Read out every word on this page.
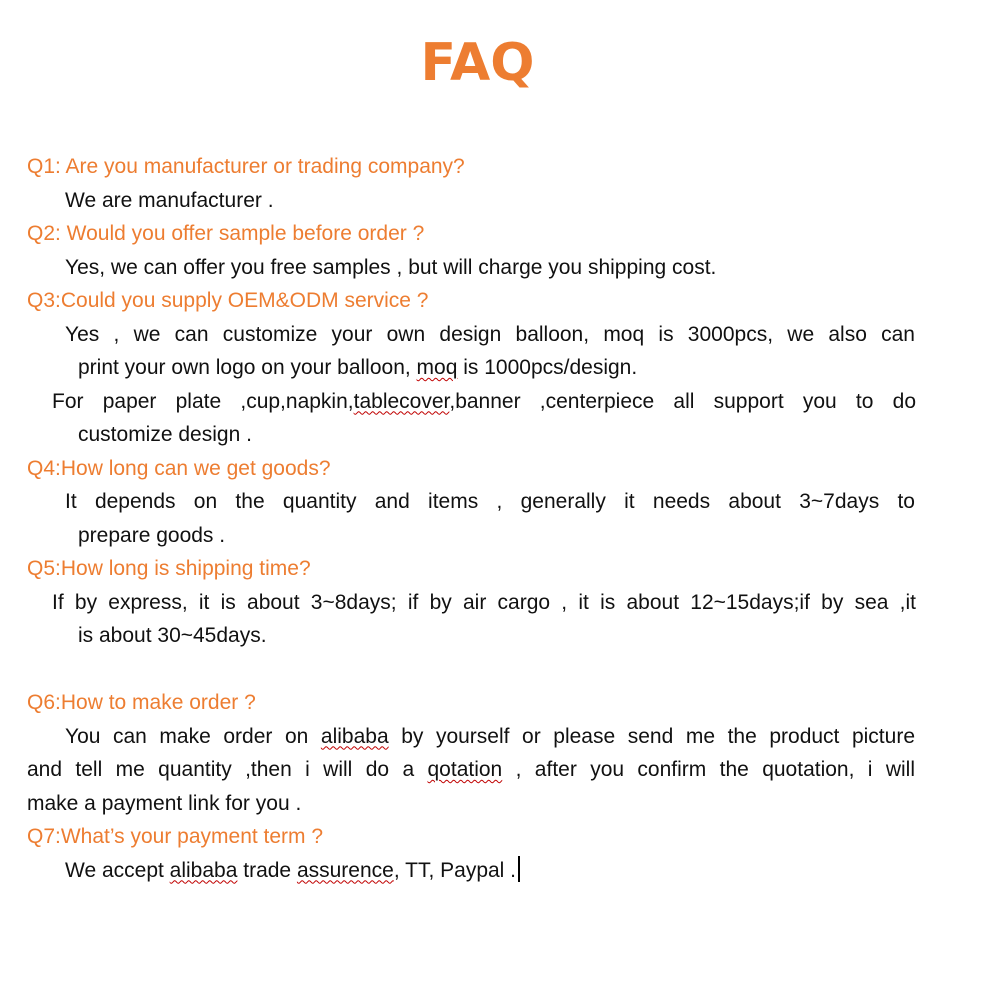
FAQ
Q1: Are you manufacturer or trading company?
We are manufacturer .
Q2: Would you offer sample before order ?
Yes, we can offer you free samples , but will charge you shipping cost.
Q3:Could you supply OEM&ODM service ?
Yes , we can customize your own design balloon, moq is 3000pcs, we also can
print your own logo on your balloon, moq is 1000pcs/design.
For paper plate ,cup,napkin,tablecover,banner ,centerpiece all support you to do
customize design .
Q4:How long can we get goods?
It depends on the quantity and items , generally it needs about 3~7days to
prepare goods .
Q5:How long is shipping time?
If by express, it is about 3~8days; if by air cargo , it is about 12~15days;if by sea ,it
is about 30~45days.
Q6:How to make order ?
You can make order on alibaba by yourself or please send me the product picture
and tell me quantity ,then i will do a qotation , after you confirm the quotation, i will
make a payment link for you .
Q7:What’s your payment term ?
We accept alibaba trade assurence, TT, Paypal .
